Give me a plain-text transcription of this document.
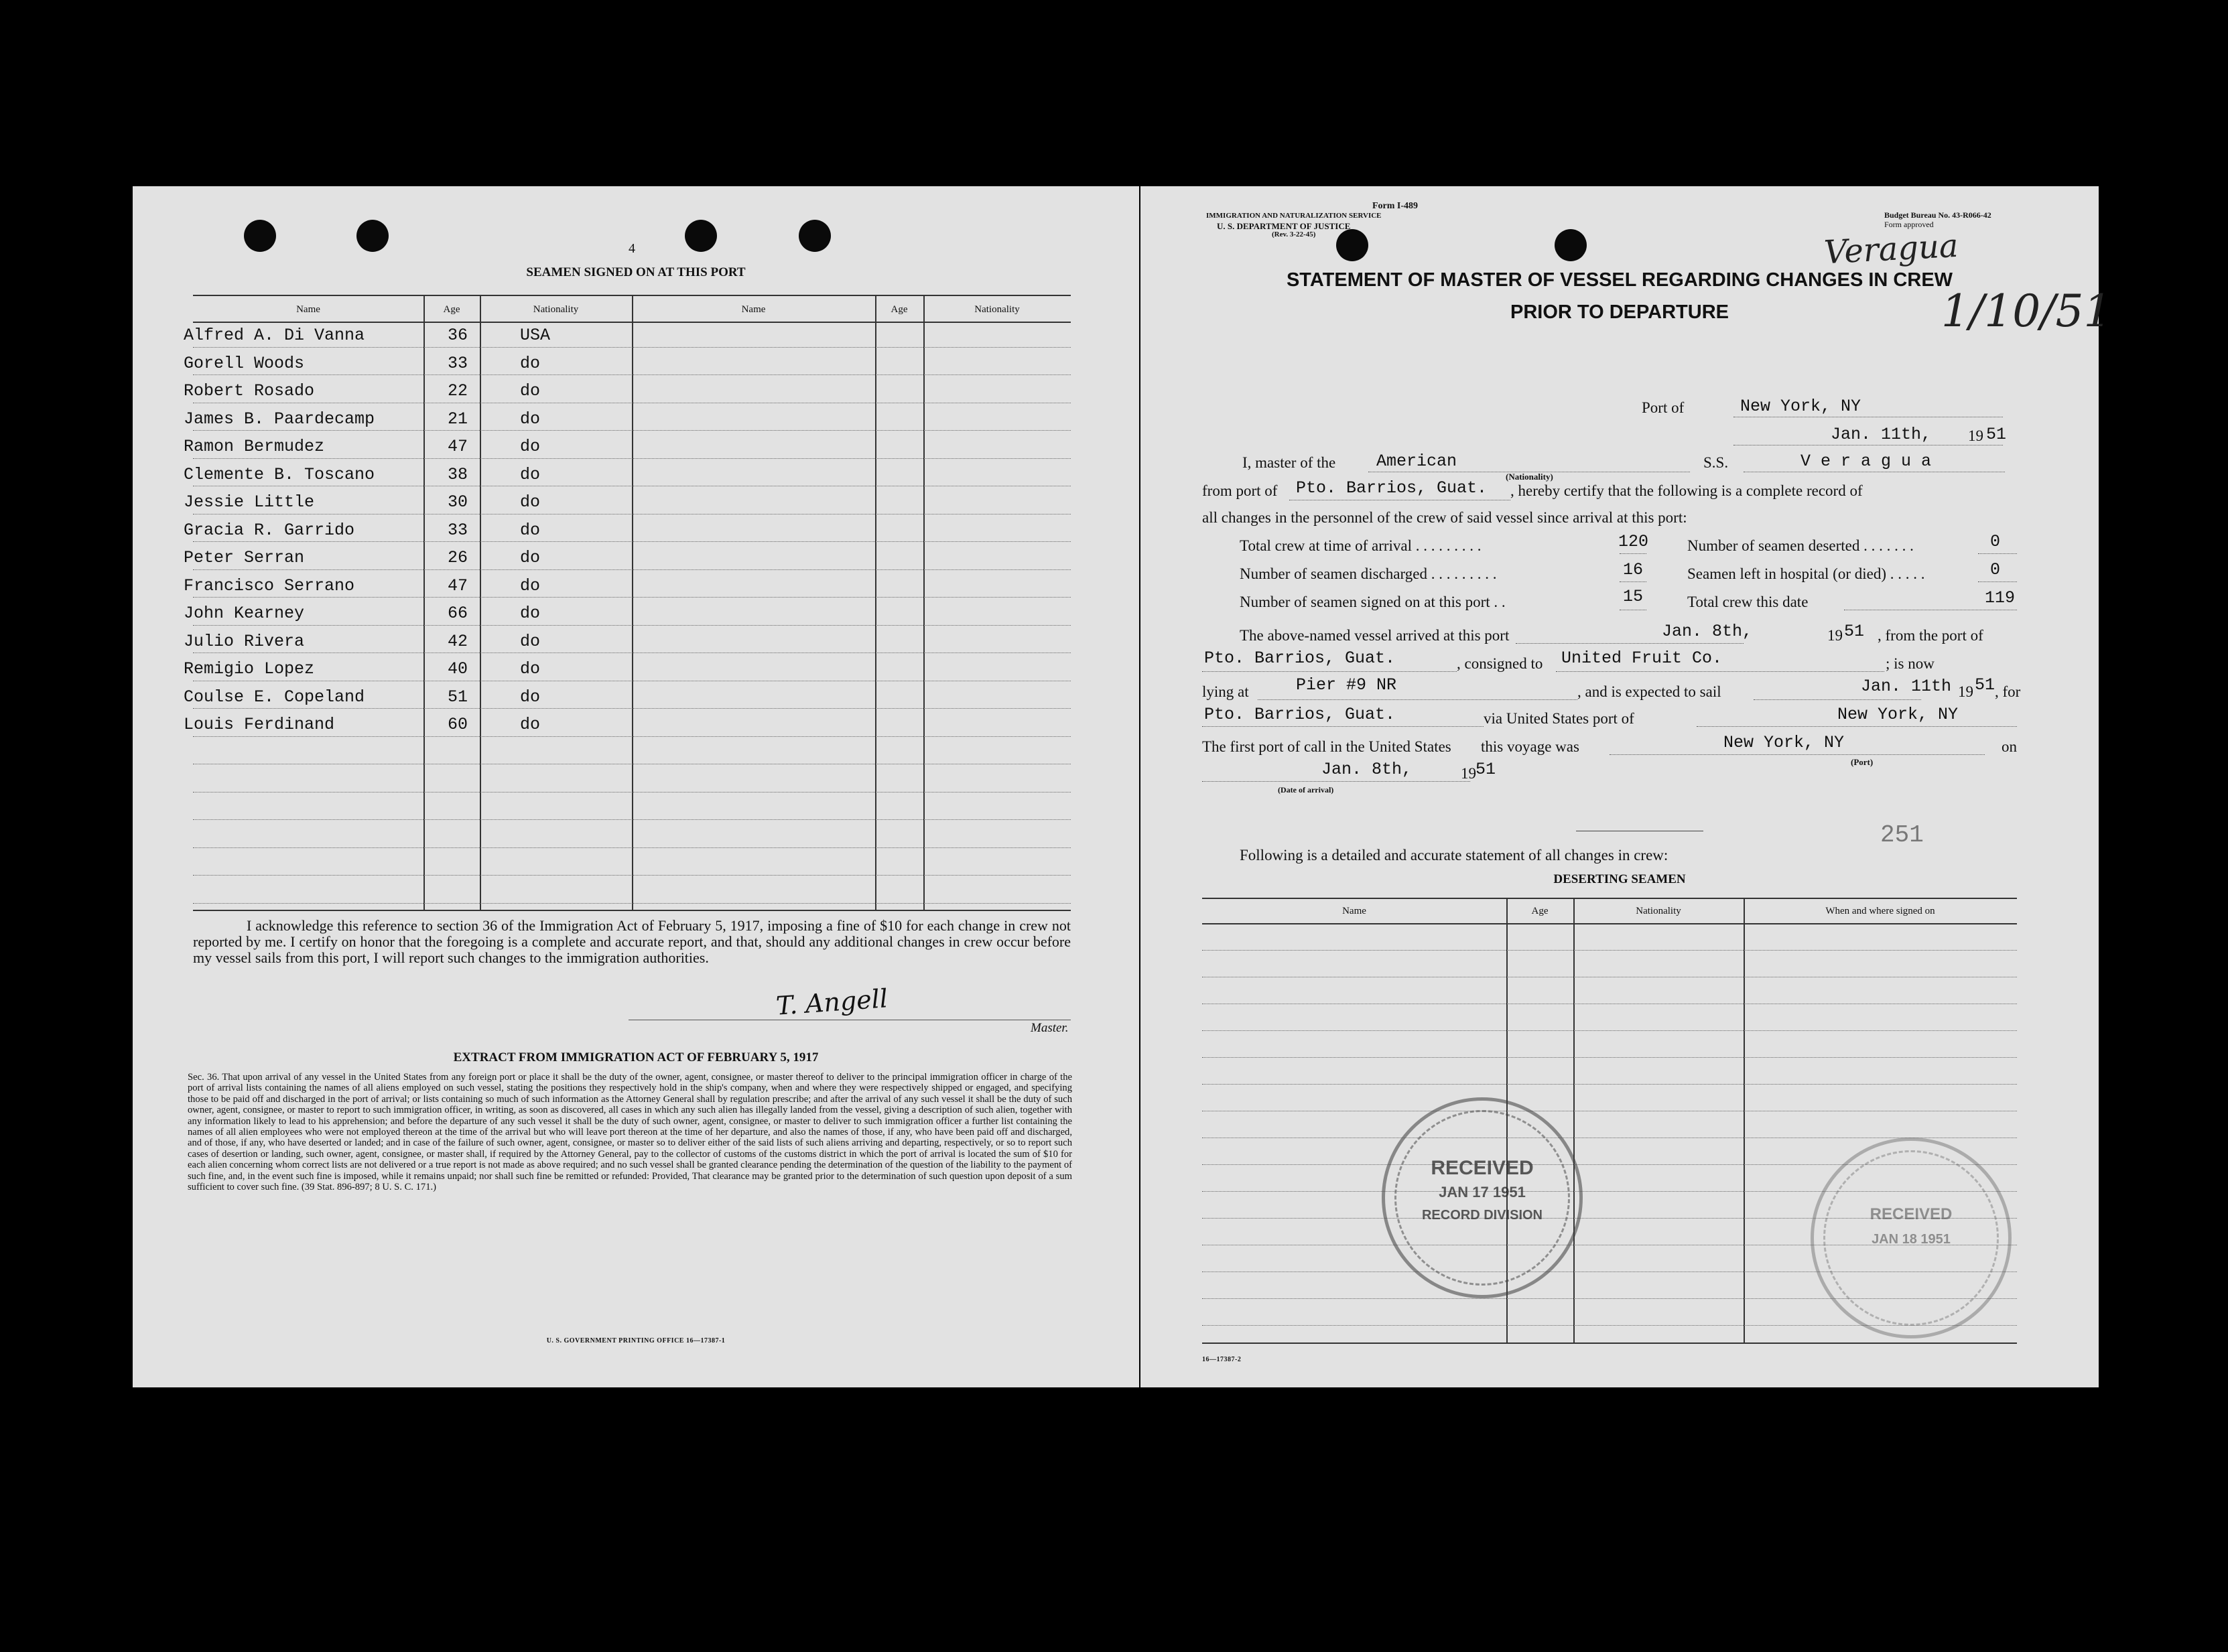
4
SEAMEN SIGNED ON AT THIS PORT
Name	Age	Nationality	Name	Age	Nationality
Alfred A. Di Vanna	36	USA
Gorell Woods	33	do
Robert Rosado	22	do
James B. Paardecamp	21	do
Ramon Bermudez	47	do
Clemente B. Toscano	38	do
Jessie Little	30	do
Gracia R. Garrido	33	do
Peter Serran	26	do
Francisco Serrano	47	do
John Kearney	66	do
Julio Rivera	42	do
Remigio Lopez	40	do
Coulse E. Copeland	51	do
Louis Ferdinand	60	do
I acknowledge this reference to section 36 of the Immigration Act of February 5, 1917, imposing a fine of $10 for each change in crew not reported by me. I certify on honor that the foregoing is a complete and accurate report, and that, should any additional changes in crew occur before my vessel sails from this port, I will report such changes to the immigration authorities.
T. Angell
Master.
EXTRACT FROM IMMIGRATION ACT OF FEBRUARY 5, 1917
Sec. 36. That upon arrival of any vessel in the United States from any foreign port or place it shall be the duty of the owner, agent, consignee, or master thereof to deliver to the principal immigration officer in charge of the port of arrival lists containing the names of all aliens employed on such vessel, stating the positions they respectively hold in the ship's company, when and where they were respectively shipped or engaged, and specifying those to be paid off and discharged in the port of arrival; or lists containing so much of such information as the Attorney General shall by regulation prescribe; and after the arrival of any such vessel it shall be the duty of such owner, agent, consignee, or master to report to such immigration officer, in writing, as soon as discovered, all cases in which any such alien has illegally landed from the vessel, giving a description of such alien, together with any information likely to lead to his apprehension; and before the departure of any such vessel it shall be the duty of such owner, agent, consignee, or master to deliver to such immigration officer a further list containing the names of all alien employees who were not employed thereon at the time of the arrival but who will leave port thereon at the time of her departure, and also the names of those, if any, who have been paid off and discharged, and of those, if any, who have deserted or landed; and in case of the failure of such owner, agent, consignee, or master so to deliver either of the said lists of such aliens arriving and departing, respectively, or so to report such cases of desertion or landing, such owner, agent, consignee, or master shall, if required by the Attorney General, pay to the collector of customs of the customs district in which the port of arrival is located the sum of $10 for each alien concerning whom correct lists are not delivered or a true report is not made as above required; and no such vessel shall be granted clearance pending the determination of the question of the liability to the payment of such fine, and, in the event such fine is imposed, while it remains unpaid; nor shall such fine be remitted or refunded: Provided, That clearance may be granted prior to the determination of such question upon deposit of a sum sufficient to cover such fine. (39 Stat. 896-897; 8 U. S. C. 171.)
U. S. GOVERNMENT PRINTING OFFICE 16—17387-1
Form I-489
IMMIGRATION AND NATURALIZATION SERVICE
U. S. DEPARTMENT OF JUSTICE
(Rev. 3-22-45)
Budget Bureau No. 43-R066-42
Form approved
Veragua
1/10/51
STATEMENT OF MASTER OF VESSEL REGARDING CHANGES IN CREW
PRIOR TO DEPARTURE
Port of	New York, NY
Jan. 11th, 19 51
I, master of the American
(Nationality)
S.S.	V e r a g u a
from port of Pto. Barrios, Guat. , hereby certify that the following is a complete record of
all changes in the personnel of the crew of said vessel since arrival at this port:
Total crew at time of arrival . . . . . . . . .	120	Number of seamen deserted . . . . . . .	0
Number of seamen discharged . . . . . . . . .	16	Seamen left in hospital (or died) . . . . .	0
Number of seamen signed on at this port . .	15	Total crew this date	119
The above-named vessel arrived at this port	Jan. 8th,	19 51 , from the port of
Pto. Barrios, Guat.	, consigned to United Fruit Co.	; is now
lying at	Pier #9 NR	, and is expected to sail	Jan. 11th 19 51 , for
Pto. Barrios, Guat.	via United States port of	New York, NY
The first port of call in the United States this voyage was	New York, NY
(Port)
on
Jan. 8th,	19 51
(Date of arrival)
251
Following is a detailed and accurate statement of all changes in crew:
DESERTING SEAMEN
Name	Age	Nationality	When and where signed on
RECEIVED
JAN 17 1951
RECORD DIVISION	RECEIVED
JAN 18 1951
16—17387-2
